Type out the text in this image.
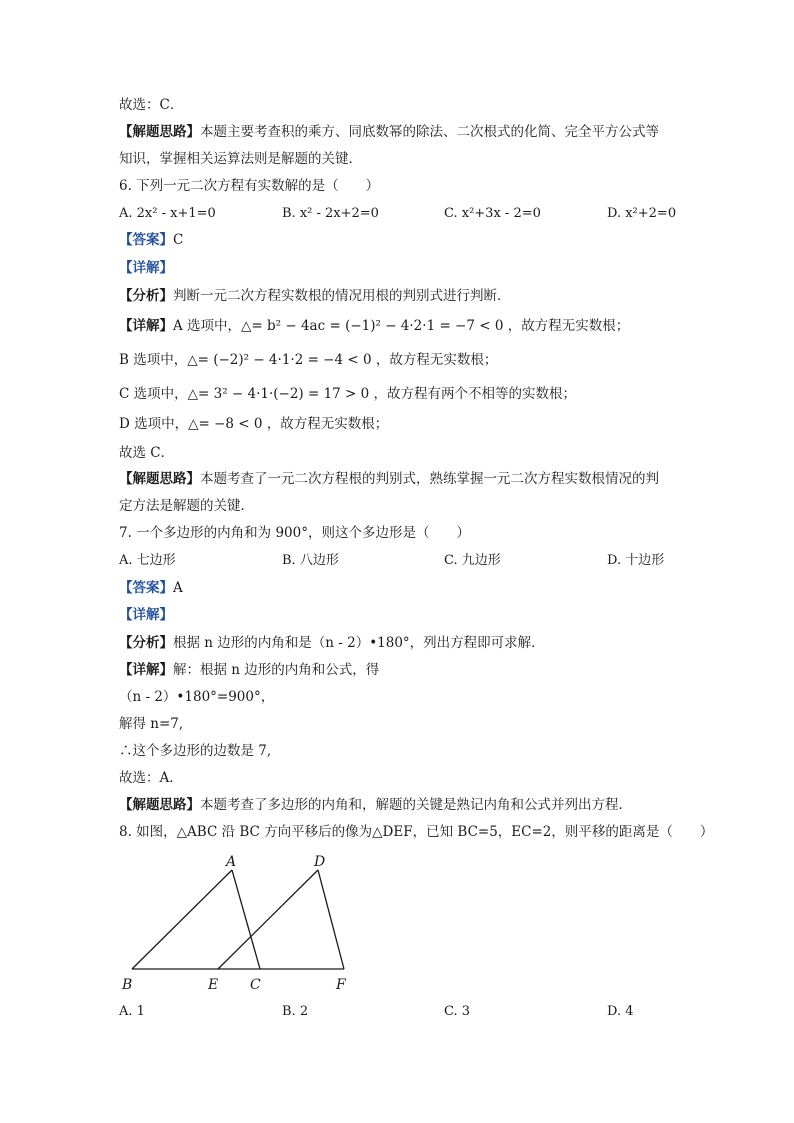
故选：C．
【解题思路】本题主要考查积的乘方、同底数幂的除法、二次根式的化简、完全平方公式等
知识，掌握相关运算法则是解题的关键．
6. 下列一元二次方程有实数解的是（　　）
A. 2x² - x+1=0	B. x² - 2x+2=0	C. x²+3x - 2=0	D. x²+2=0
【答案】C
【详解】
【分析】判断一元二次方程实数根的情况用根的判别式进行判断．
【详解】A 选项中，△= b² − 4ac = (−1)² − 4·2·1 = −7 < 0 ，故方程无实数根；
B 选项中，△= (−2)² − 4·1·2 = −4 < 0 ，故方程无实数根；
C 选项中，△= 3² − 4·1·(−2) = 17 > 0 ，故方程有两个不相等的实数根；
D 选项中，△= −8 < 0 ，故方程无实数根；
故选 C．
【解题思路】本题考查了一元二次方程根的判别式，熟练掌握一元二次方程实数根情况的判
定方法是解题的关键．
7. 一个多边形的内角和为 900°，则这个多边形是（　　）
A. 七边形	B. 八边形	C. 九边形	D. 十边形
【答案】A
【详解】
【分析】根据 n 边形的内角和是（n - 2）•180°，列出方程即可求解．
【详解】解：根据 n 边形的内角和公式，得
（n - 2）•180°=900°，
解得 n=7,
∴这个多边形的边数是 7,
故选：A．
【解题思路】本题考查了多边形的内角和，解题的关键是熟记内角和公式并列出方程．
8. 如图，△ABC 沿 BC 方向平移后的像为△DEF，已知 BC=5，EC=2，则平移的距离是（　　）
A	D
B	E C	F
A. 1	B. 2	C. 3	D. 4
